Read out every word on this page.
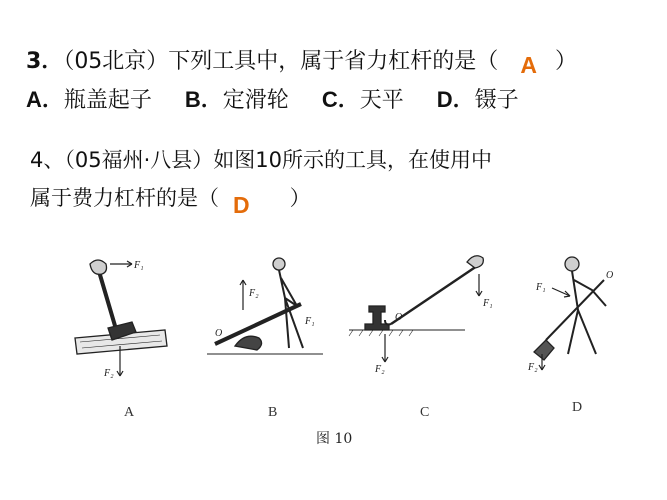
3．（05北京）下列工具中，属于省力杠杆的是（ A ）
A．瓶盖起子 B．定滑轮 C．天平 D．镊子
4、（05福州·八县）如图10所示的工具，在使用中
属于费力杠杆的是（ D ）
F₁
F₂
A
F₂
O
F₁
B
O
F₂
F₁
C
F₁
O
F₂
D
图 10
